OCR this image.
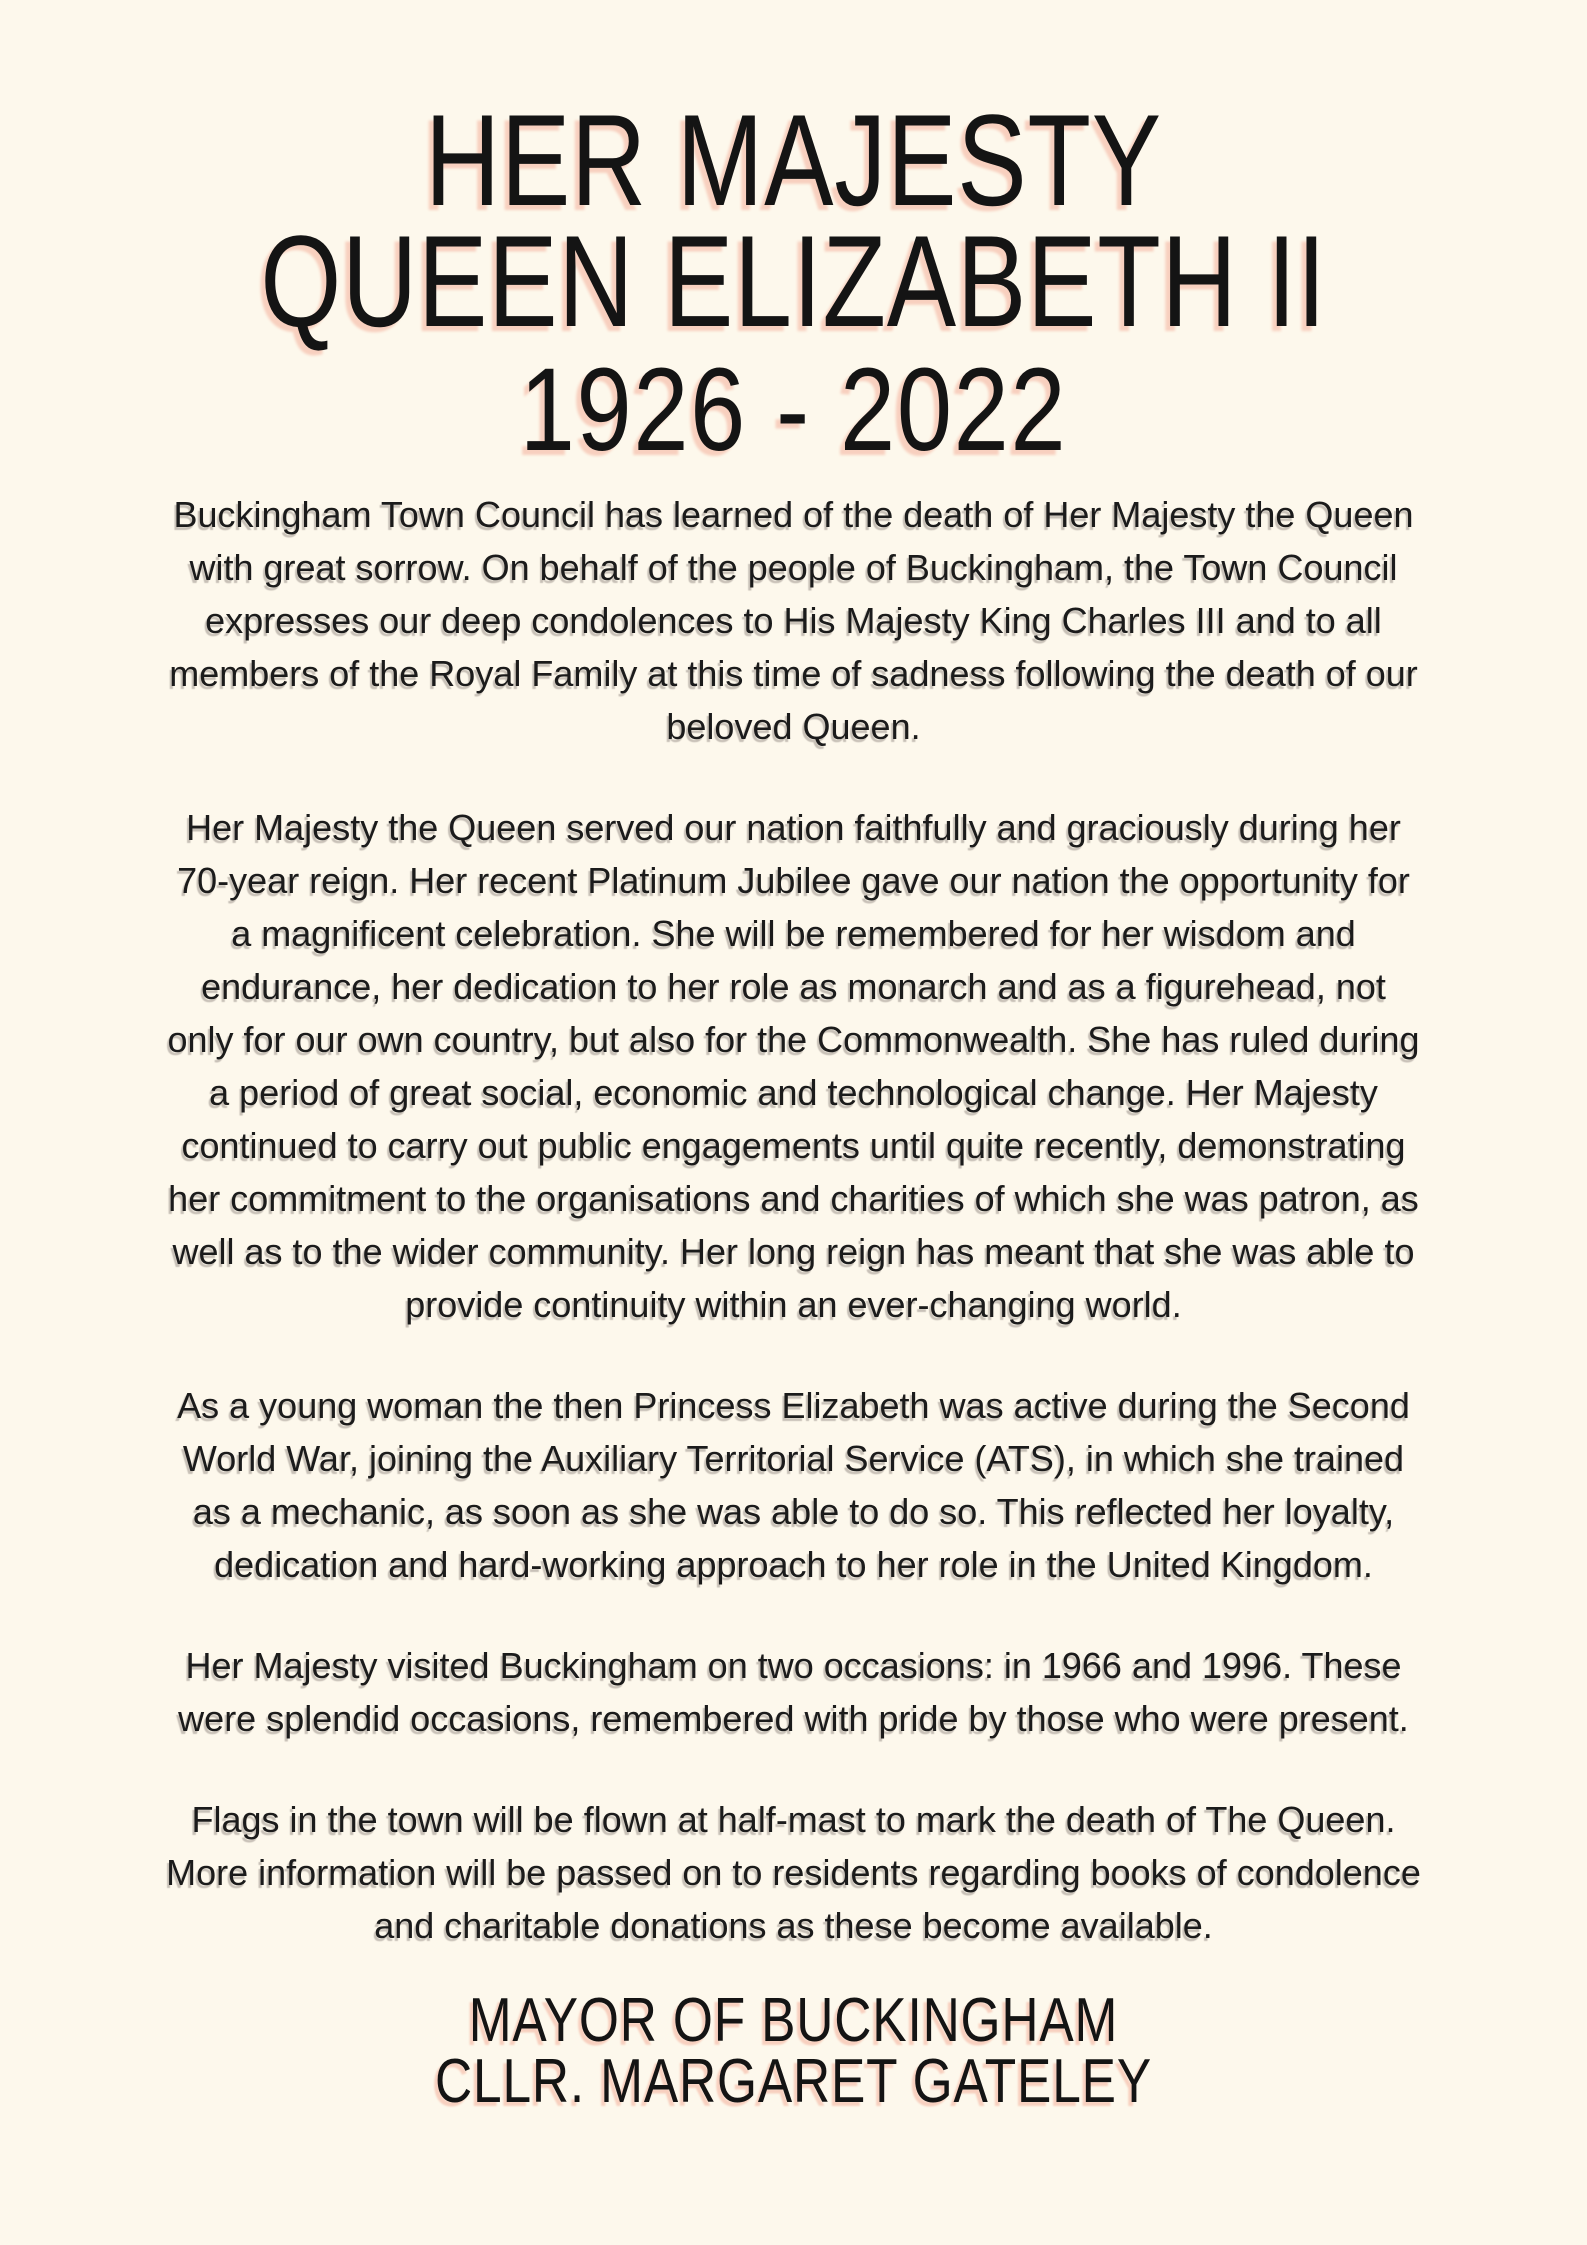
HER MAJESTY
QUEEN ELIZABETH II
1926 - 2022
Buckingham Town Council has learned of the death of Her Majesty the Queen
with great sorrow. On behalf of the people of Buckingham, the Town Council
expresses our deep condolences to His Majesty King Charles III and to all
members of the Royal Family at this time of sadness following the death of our
beloved Queen.
Her Majesty the Queen served our nation faithfully and graciously during her
70-year reign. Her recent Platinum Jubilee gave our nation the opportunity for
a magnificent celebration. She will be remembered for her wisdom and
endurance, her dedication to her role as monarch and as a figurehead, not
only for our own country, but also for the Commonwealth. She has ruled during
a period of great social, economic and technological change. Her Majesty
continued to carry out public engagements until quite recently, demonstrating
her commitment to the organisations and charities of which she was patron, as
well as to the wider community. Her long reign has meant that she was able to
provide continuity within an ever-changing world.
As a young woman the then Princess Elizabeth was active during the Second
World War, joining the Auxiliary Territorial Service (ATS), in which she trained
as a mechanic, as soon as she was able to do so. This reflected her loyalty,
dedication and hard-working approach to her role in the United Kingdom.
Her Majesty visited Buckingham on two occasions: in 1966 and 1996. These
were splendid occasions, remembered with pride by those who were present.
Flags in the town will be flown at half-mast to mark the death of The Queen.
More information will be passed on to residents regarding books of condolence
and charitable donations as these become available.
MAYOR OF BUCKINGHAM
CLLR. MARGARET GATELEY
